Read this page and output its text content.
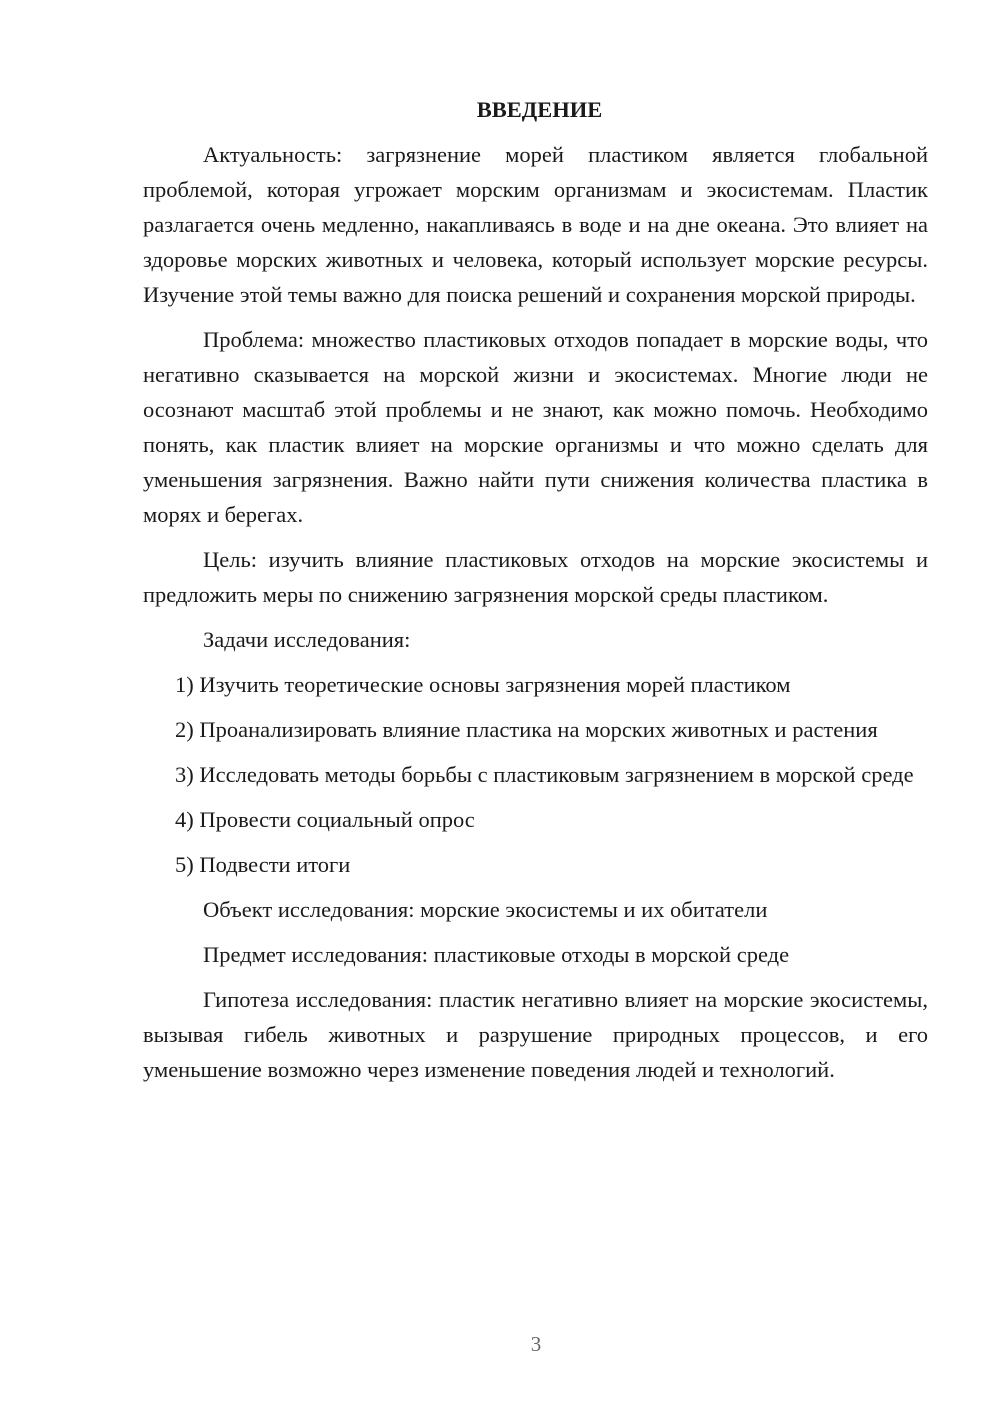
ВВЕДЕНИЕ

Актуальность: загрязнение морей пластиком является глобальной проблемой, которая угрожает морским организмам и экосистемам. Пластик разлагается очень медленно, накапливаясь в воде и на дне океана. Это влияет на здоровье морских животных и человека, который использует морские ресурсы. Изучение этой темы важно для поиска решений и сохранения морской природы.

Проблема: множество пластиковых отходов попадает в морские воды, что негативно сказывается на морской жизни и экосистемах. Многие люди не осознают масштаб этой проблемы и не знают, как можно помочь. Необходимо понять, как пластик влияет на морские организмы и что можно сделать для уменьшения загрязнения. Важно найти пути снижения количества пластика в морях и берегах.

Цель: изучить влияние пластиковых отходов на морские экосистемы и предложить меры по снижению загрязнения морской среды пластиком.

Задачи исследования:

1) Изучить теоретические основы загрязнения морей пластиком

2) Проанализировать влияние пластика на морских животных и растения

3) Исследовать методы борьбы с пластиковым загрязнением в морской среде

4) Провести социальный опрос

5) Подвести итоги

Объект исследования: морские экосистемы и их обитатели

Предмет исследования: пластиковые отходы в морской среде

Гипотеза исследования: пластик негативно влияет на морские экосистемы, вызывая гибель животных и разрушение природных процессов, и его уменьшение возможно через изменение поведения людей и технологий.

3
